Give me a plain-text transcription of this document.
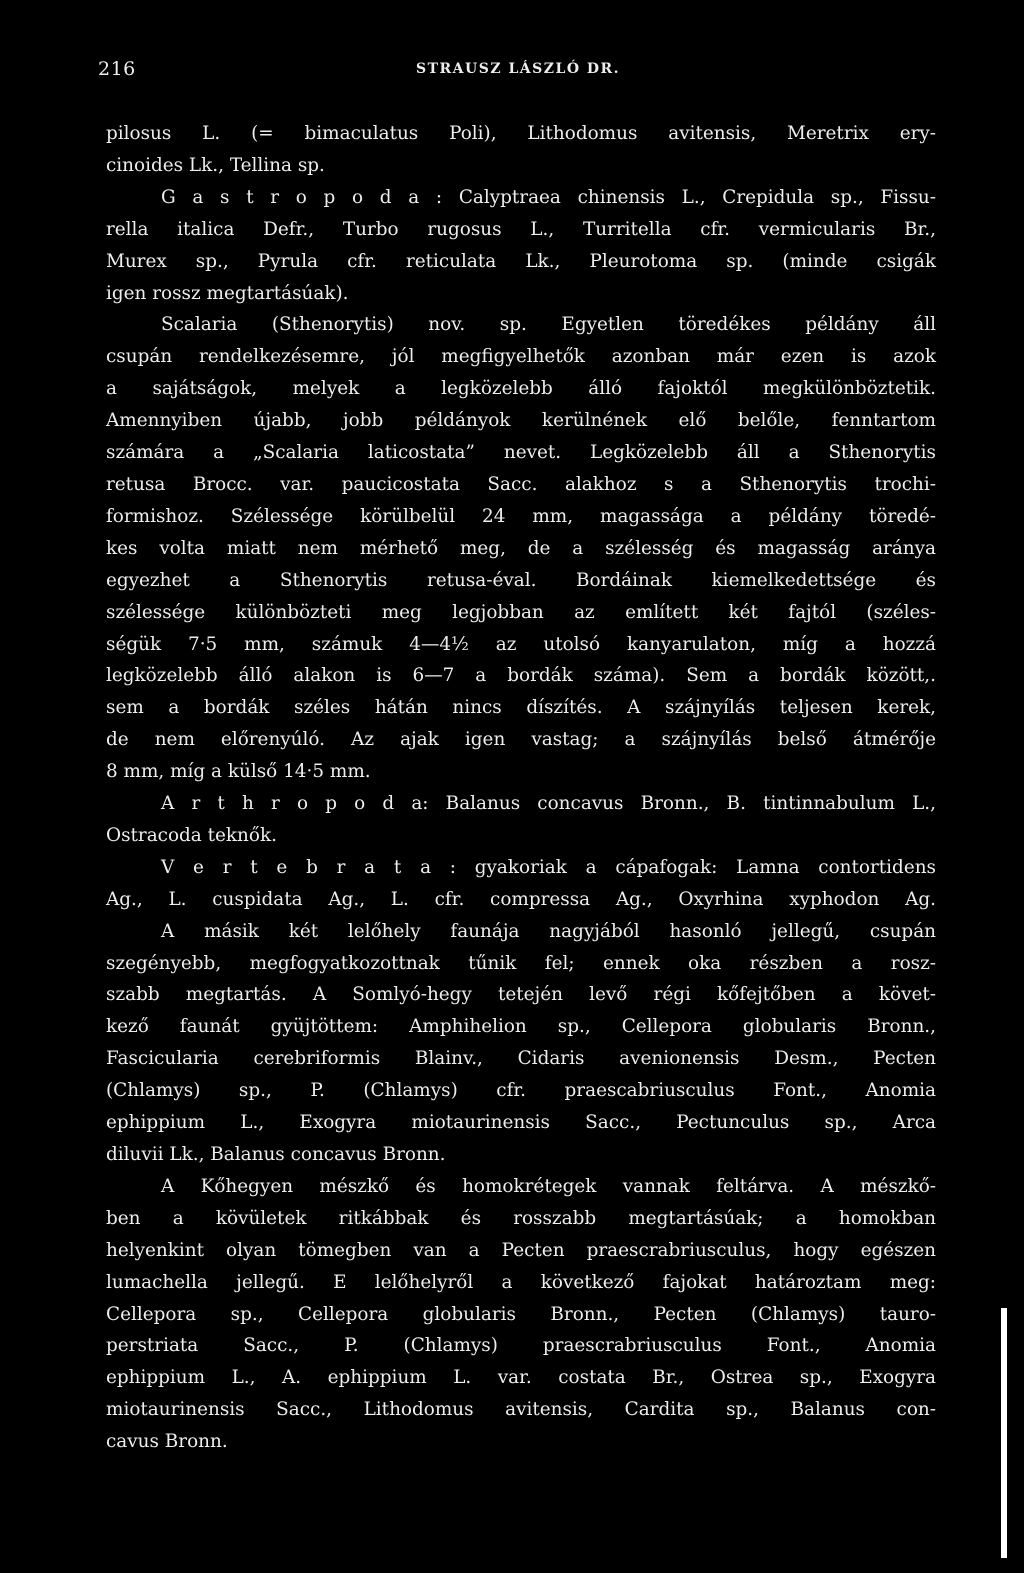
216	STRAUSZ LÁSZLÓ DR.
pilosus L. (= bimaculatus Poli), Lithodomus avitensis, Meretrix ery-
cinoides Lk., Tellina sp.
G a s t r o p o d a : Calyptraea chinensis L., Crepidula sp., Fissu-
rella italica Defr., Turbo rugosus L., Turritella cfr. vermicularis Br.,
Murex sp., Pyrula cfr. reticulata Lk., Pleurotoma sp. (minde csigák
igen rossz megtartásúak).
Scalaria (Sthenorytis) nov. sp. Egyetlen töredékes példány áll
csupán rendelkezésemre, jól megfigyelhetők azonban már ezen is azok
a sajátságok, melyek a legközelebb álló fajoktól megkülönböztetik.
Amennyiben újabb, jobb példányok kerülnének elő belőle, fenntartom
számára a „Scalaria laticostata” nevet. Legközelebb áll a Sthenorytis
retusa Brocc. var. paucicostata Sacc. alakhoz s a Sthenorytis trochi-
formishoz. Szélessége körülbelül 24 mm, magassága a példány töredé-
kes volta miatt nem mérhető meg, de a szélesség és magasság aránya
egyezhet a Sthenorytis retusa-éval. Bordáinak kiemelkedettsége és
szélessége különbözteti meg legjobban az említett két fajtól (széles-
ségük 7·5 mm, számuk 4—4½ az utolsó kanyarulaton, míg a hozzá
legközelebb álló alakon is 6—7 a bordák száma). Sem a bordák között,.
sem a bordák széles hátán nincs díszítés. A szájnyílás teljesen kerek,
de nem előrenyúló. Az ajak igen vastag; a szájnyílás belső átmérője
8 mm, míg a külső 14·5 mm.
A r t h r o p o d a: Balanus concavus Bronn., B. tintinnabulum L.,
Ostracoda teknők.
V e r t e b r a t a : gyakoriak a cápafogak: Lamna contortidens
Ag., L. cuspidata Ag., L. cfr. compressa Ag., Oxyrhina xyphodon Ag.
A másik két lelőhely faunája nagyjából hasonló jellegű, csupán
szegényebb, megfogyatkozottnak tűnik fel; ennek oka részben a rosz-
szabb megtartás. A Somlyó-hegy tetején levő régi kőfejtőben a követ-
kező faunát gyüjtöttem: Amphihelion sp., Cellepora globularis Bronn.,
Fascicularia cerebriformis Blainv., Cidaris avenionensis Desm., Pecten
(Chlamys) sp., P. (Chlamys) cfr. praescabriusculus Font., Anomia
ephippium L., Exogyra miotaurinensis Sacc., Pectunculus sp., Arca
diluvii Lk., Balanus concavus Bronn.
A Kőhegyen mészkő és homokrétegek vannak feltárva. A mészkő-
ben a kövületek ritkábbak és rosszabb megtartásúak; a homokban
helyenkint olyan tömegben van a Pecten praescrabriusculus, hogy egészen
lumachella jellegű. E lelőhelyről a következő fajokat határoztam meg:
Cellepora sp., Cellepora globularis Bronn., Pecten (Chlamys) tauro-
perstriata Sacc., P. (Chlamys) praescrabriusculus Font., Anomia
ephippium L., A. ephippium L. var. costata Br., Ostrea sp., Exogyra
miotaurinensis Sacc., Lithodomus avitensis, Cardita sp., Balanus con-
cavus Bronn.
